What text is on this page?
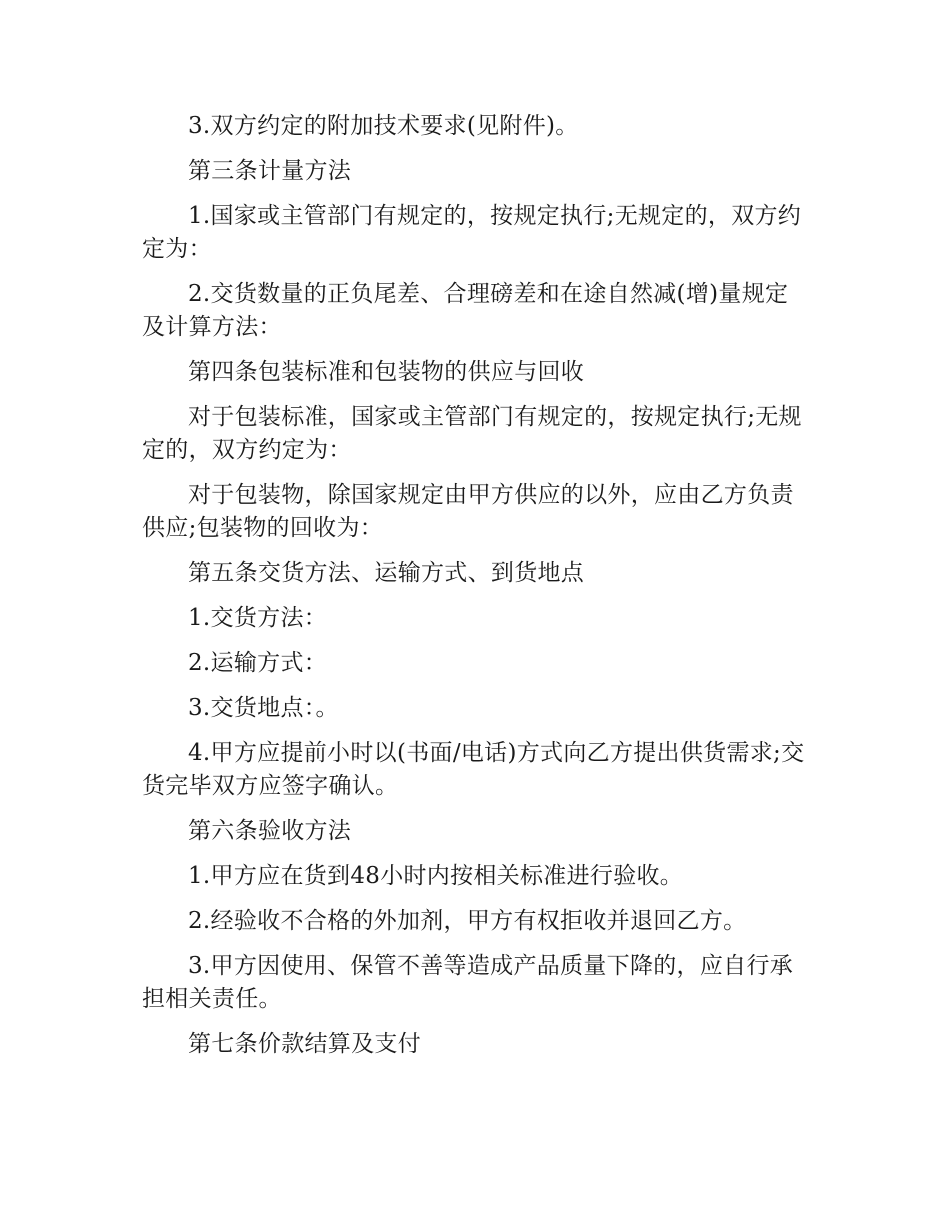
3.双方约定的附加技术要求(见附件)。

第三条计量方法

1.国家或主管部门有规定的，按规定执行;无规定的，双方约定为：

2.交货数量的正负尾差、合理磅差和在途自然减(增)量规定及计算方法：

第四条包装标准和包装物的供应与回收

对于包装标准，国家或主管部门有规定的，按规定执行;无规定的，双方约定为：

对于包装物，除国家规定由甲方供应的以外，应由乙方负责供应;包装物的回收为：

第五条交货方法、运输方式、到货地点

1.交货方法：

2.运输方式：

3.交货地点：。

4.甲方应提前小时以(书面/电话)方式向乙方提出供货需求;交货完毕双方应签字确认。

第六条验收方法

1.甲方应在货到48小时内按相关标准进行验收。

2.经验收不合格的外加剂，甲方有权拒收并退回乙方。

3.甲方因使用、保管不善等造成产品质量下降的，应自行承担相关责任。

第七条价款结算及支付
